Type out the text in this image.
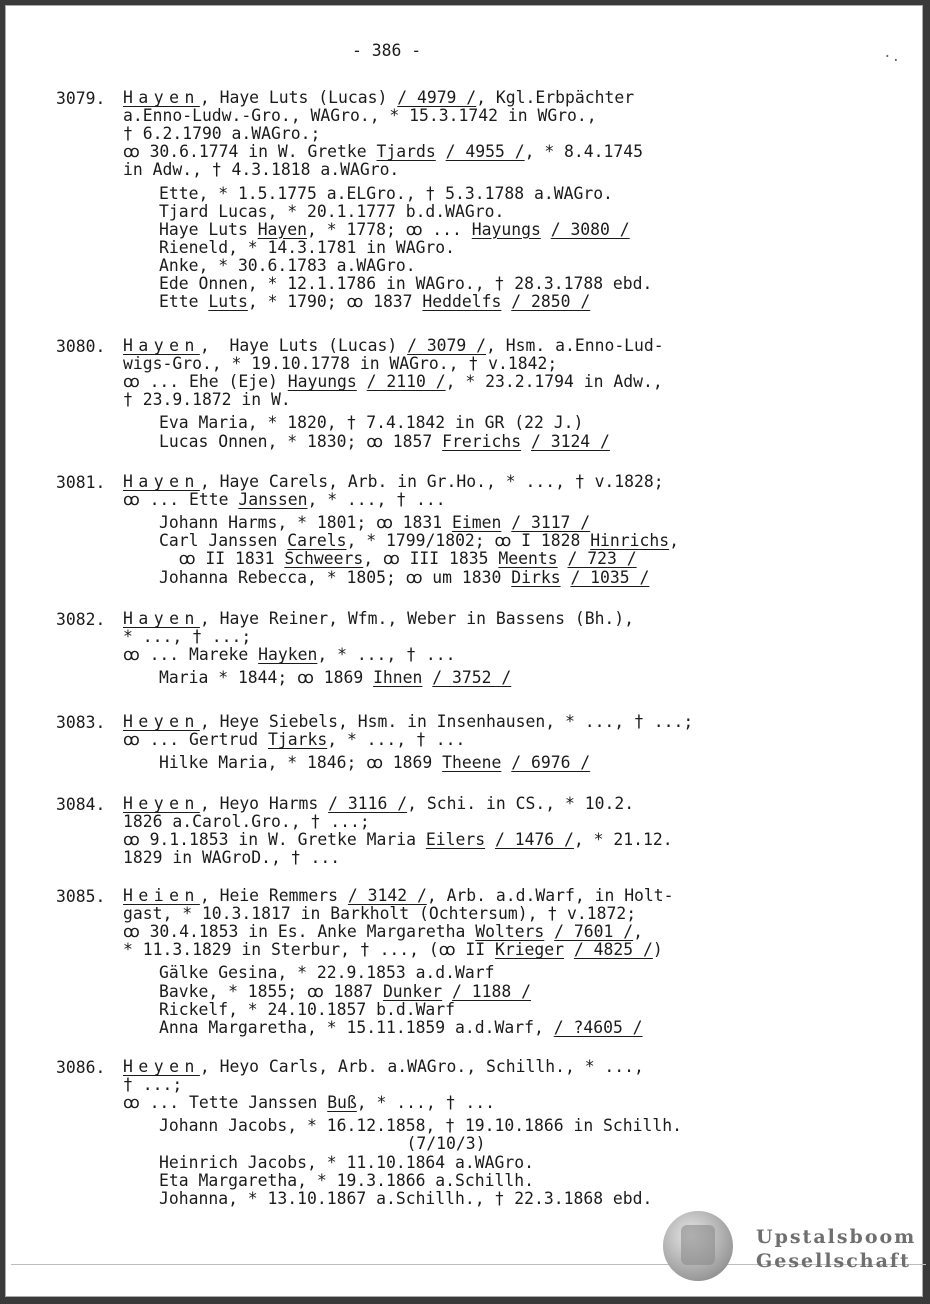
·.
- 386 -
3079. Hayen, Haye Luts (Lucas) / 4979 /, Kgl.Erbpächter
a.Enno-Ludw.-Gro., WAGro., * 15.3.1742 in WGro.,
† 6.2.1790 a.WAGro.;
ꝏ 30.6.1774 in W. Gretke Tjards / 4955 /, * 8.4.1745
in Adw., † 4.3.1818 a.WAGro.
Ette, * 1.5.1775 a.ELGro., † 5.3.1788 a.WAGro.
Tjard Lucas, * 20.1.1777 b.d.WAGro.
Haye Luts Hayen, * 1778; ꝏ ... Hayungs / 3080 /
Rieneld, * 14.3.1781 in WAGro.
Anke, * 30.6.1783 a.WAGro.
Ede Onnen, * 12.1.1786 in WAGro., † 28.3.1788 ebd.
Ette Luts, * 1790; ꝏ 1837 Heddelfs / 2850 /
3080. Hayen,  Haye Luts (Lucas) / 3079 /, Hsm. a.Enno-Lud-
wigs-Gro., * 19.10.1778 in WAGro., † v.1842;
ꝏ ... Ehe (Eje) Hayungs / 2110 /, * 23.2.1794 in Adw.,
† 23.9.1872 in W.
Eva Maria, * 1820, † 7.4.1842 in GR (22 J.)
Lucas Onnen, * 1830; ꝏ 1857 Frerichs / 3124 /
3081. Hayen, Haye Carels, Arb. in Gr.Ho., * ..., † v.1828;
ꝏ ... Ette Janssen, * ..., † ...
Johann Harms, * 1801; ꝏ 1831 Eimen / 3117 /
Carl Janssen Carels, * 1799/1802; ꝏ I 1828 Hinrichs,
ꝏ II 1831 Schweers, ꝏ III 1835 Meents / 723 /
Johanna Rebecca, * 1805; ꝏ um 1830 Dirks / 1035 /
3082. Hayen, Haye Reiner, Wfm., Weber in Bassens (Bh.),
* ..., † ...;
ꝏ ... Mareke Hayken, * ..., † ...
Maria * 1844; ꝏ 1869 Ihnen / 3752 /
3083. Heyen, Heye Siebels, Hsm. in Insenhausen, * ..., † ...;
ꝏ ... Gertrud Tjarks, * ..., † ...
Hilke Maria, * 1846; ꝏ 1869 Theene / 6976 /
3084. Heyen, Heyo Harms / 3116 /, Schi. in CS., * 10.2.
1826 a.Carol.Gro., † ...;
ꝏ 9.1.1853 in W. Gretke Maria Eilers / 1476 /, * 21.12.
1829 in WAGroD., † ...
3085. Heien, Heie Remmers / 3142 /, Arb. a.d.Warf, in Holt-
gast, * 10.3.1817 in Barkholt (Ochtersum), † v.1872;
ꝏ 30.4.1853 in Es. Anke Margaretha Wolters / 7601 /,
* 11.3.1829 in Sterbur, † ..., (ꝏ II Krieger / 4825 /)
Gälke Gesina, * 22.9.1853 a.d.Warf
Bavke, * 1855; ꝏ 1887 Dunker / 1188 /
Rickelf, * 24.10.1857 b.d.Warf
Anna Margaretha, * 15.11.1859 a.d.Warf, / ?4605 /
3086. Heyen, Heyo Carls, Arb. a.WAGro., Schillh., * ...,
† ...;
ꝏ ... Tette Janssen Buß, * ..., † ...
Johann Jacobs, * 16.12.1858, † 19.10.1866 in Schillh.
(7/10/3)
Heinrich Jacobs, * 11.10.1864 a.WAGro.
Eta Margaretha, * 19.3.1866 a.Schillh.
Johanna, * 13.10.1867 a.Schillh., † 22.3.1868 ebd.
Upstalsboom
Gesellschaft
